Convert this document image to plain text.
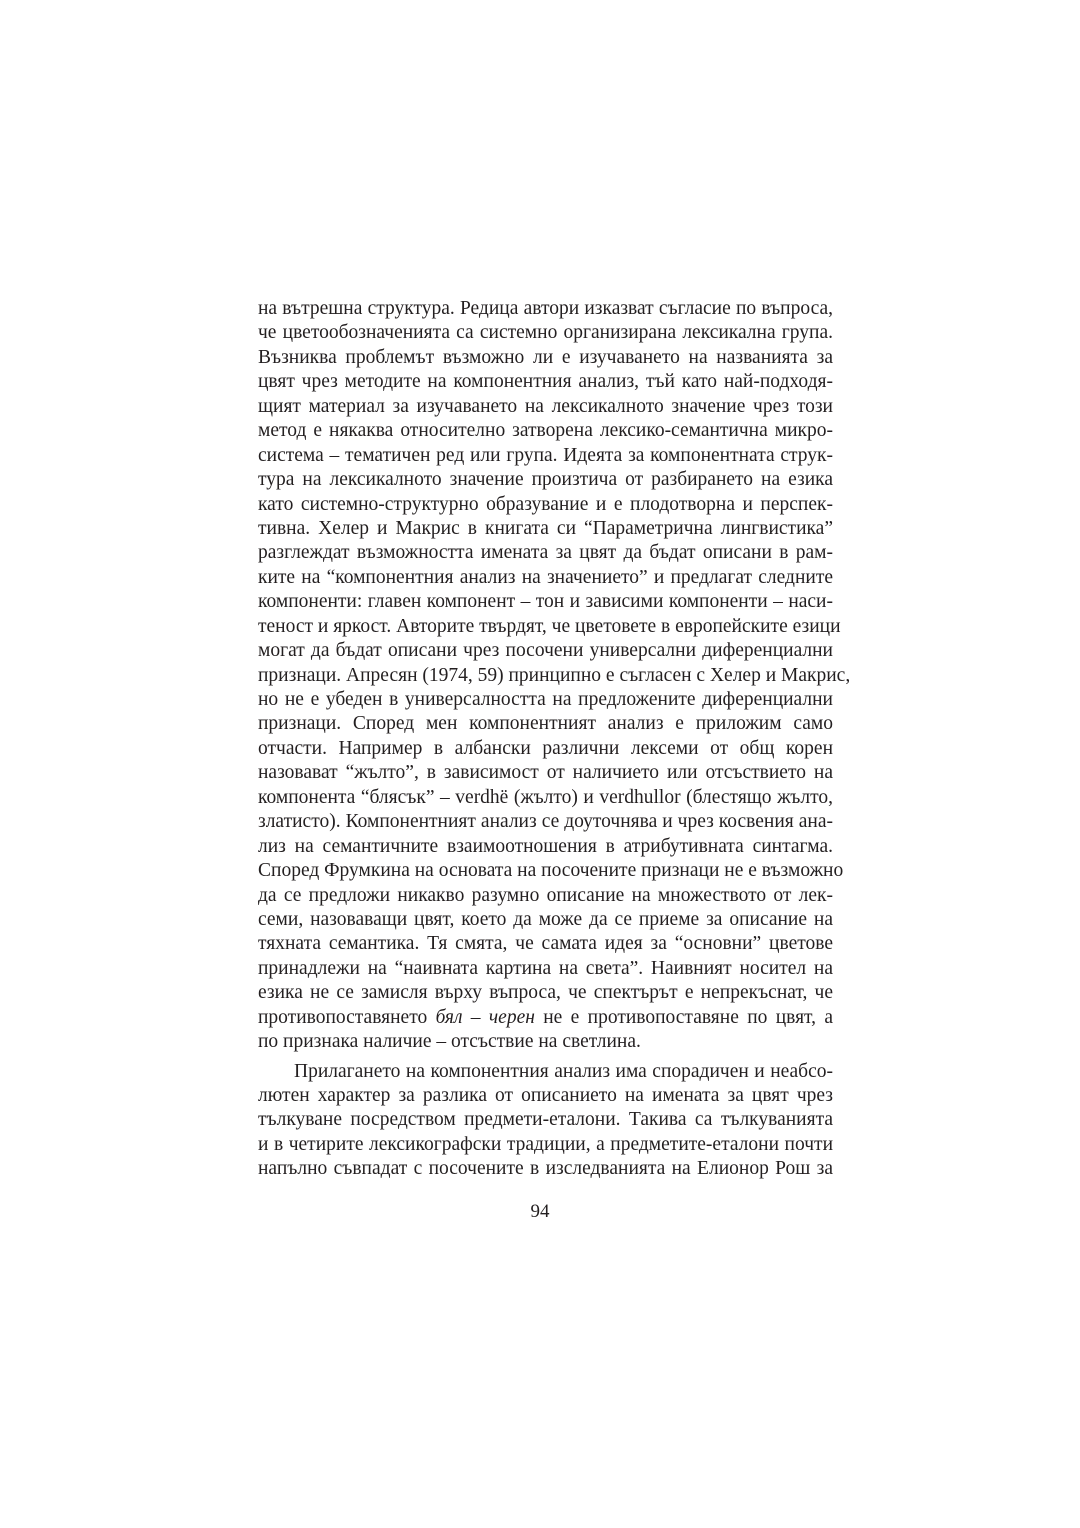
на вътрешна структура. Редица автори изказват съгласие по въпроса,
че цветообозначенията са системно организирана лексикална група.
Възниква проблемът възможно ли е изучаването на названията за
цвят чрез методите на компонентния анализ, тъй като най-подходя-
щият материал за изучаването на лексикалното значение чрез този
метод е някаква относително затворена лексико-семантична микро-
система – тематичен ред или група. Идеята за компонентната струк-
тура на лексикалното значение произтича от разбирането на езика
като системно-структурно образувание и е плодотворна и перспек-
тивна. Хелер и Макрис в книгата си “Параметрична лингвистика”
разглеждат възможността имената за цвят да бъдат описани в рам-
ките на “компонентния анализ на значението” и предлагат следните
компоненти: главен компонент – тон и зависими компоненти – наси-
теност и яркост. Авторите твърдят, че цветовете в европейските езици
могат да бъдат описани чрез посочени универсални диференциални
признаци. Апресян (1974, 59) принципно е съгласен с Хелер и Макрис,
но не е убеден в универсалността на предложените диференциални
признаци. Според мен компонентният анализ е приложим само
отчасти. Например в албански различни лексеми от общ корен
назовават “жълто”, в зависимост от наличието или отсъствието на
компонента “блясък” – verdhë (жълто) и verdhullor (блестящо жълто,
златисто). Компонентният анализ се доуточнява и чрез косвения ана-
лиз на семантичните взаимоотношения в атрибутивната синтагма.
Според Фрумкина на основата на посочените признаци не е възможно
да се предложи никакво разумно описание на множеството от лек-
семи, назоваващи цвят, което да може да се приеме за описание на
тяхната семантика. Тя смята, че самата идея за “основни” цветове
принадлежи на “наивната картина на света”. Наивният носител на
езика не се замисля върху въпроса, че спектърът е непрекъснат, че
противопоставянето бял – черен не е противопоставяне по цвят, а
по признака наличие – отсъствие на светлина.
Прилагането на компонентния анализ има спорадичен и неабсо-
лютен характер за разлика от описанието на имената за цвят чрез
тълкуване посредством предмети-еталони. Такива са тълкуванията
и в четирите лексикографски традиции, а предметите-еталони почти
напълно съвпадат с посочените в изследванията на Елионор Рош за
94
